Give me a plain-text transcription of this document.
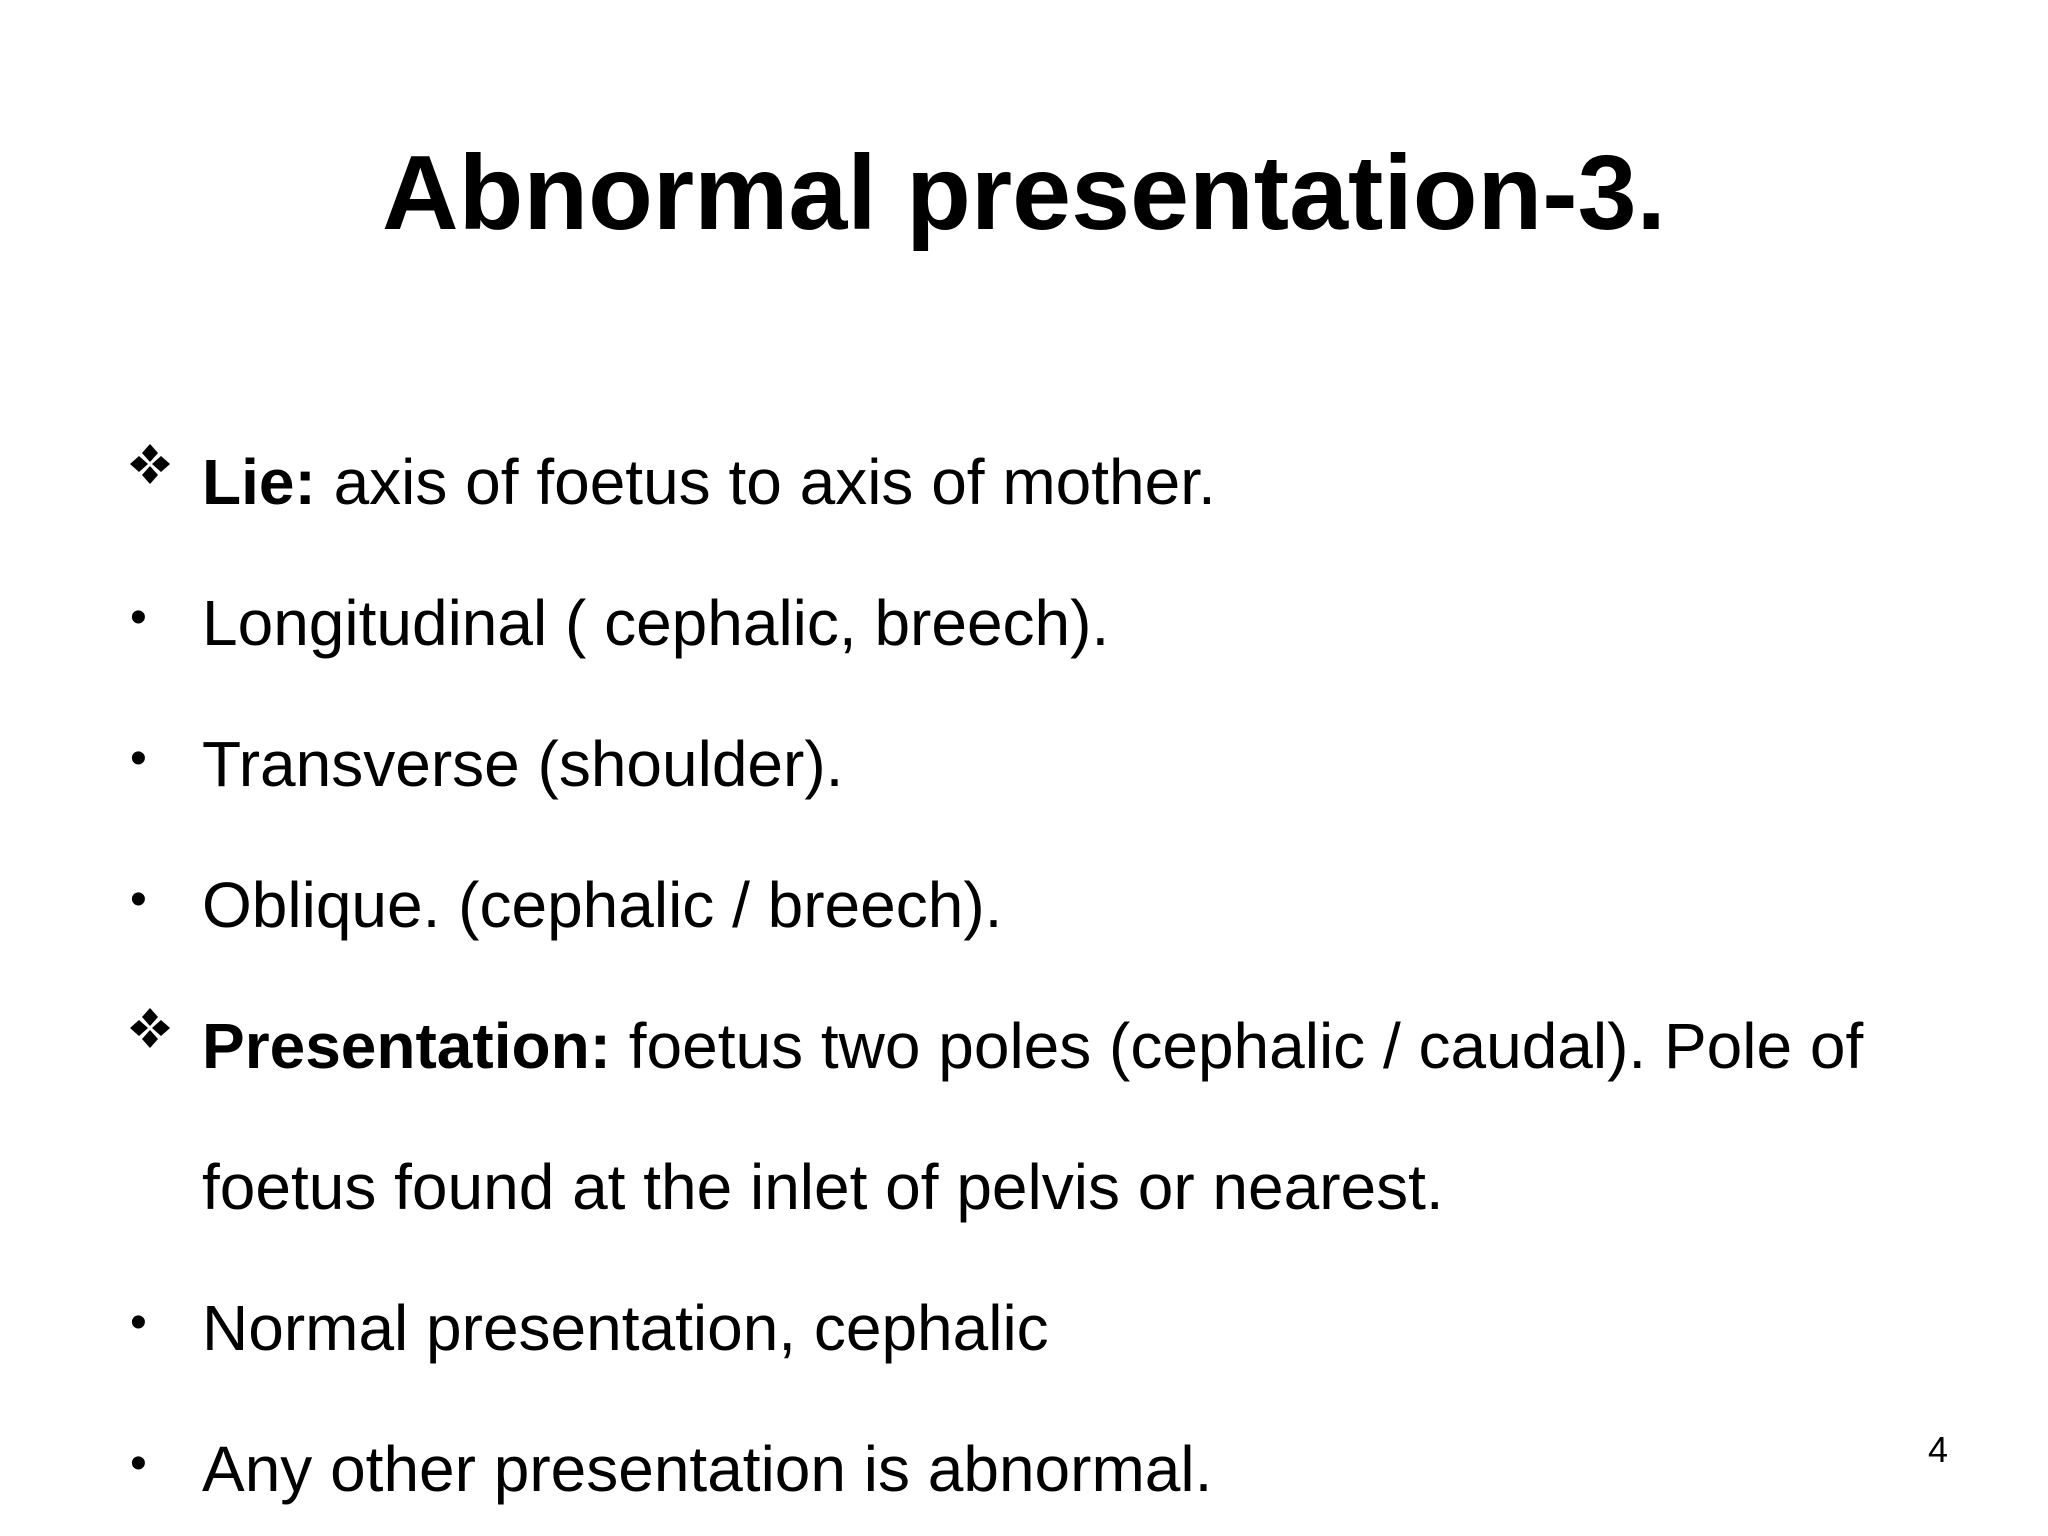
Abnormal presentation-3.
Lie: axis of foetus to axis of mother.
• Longitudinal ( cephalic, breech).
• Transverse (shoulder).
• Oblique. (cephalic / breech).
Presentation: foetus two poles (cephalic / caudal). Pole of foetus found at the inlet of pelvis or nearest.
• Normal presentation, cephalic
• Any other presentation is abnormal.	4
